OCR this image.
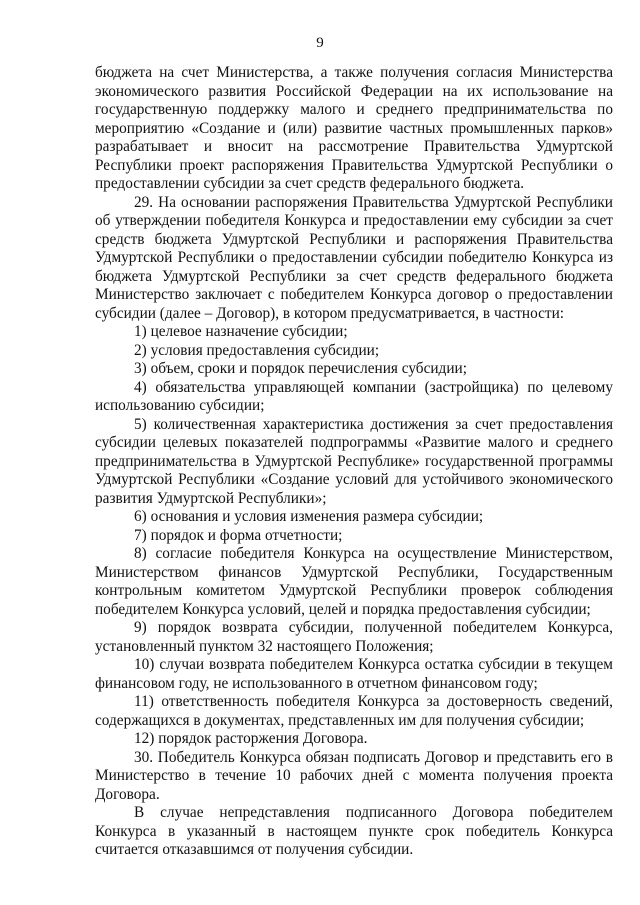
9

бюджета на счет Министерства, а также получения согласия Министерства экономического развития Российской Федерации на их использование на государственную поддержку малого и среднего предпринимательства по мероприятию «Создание и (или) развитие частных промышленных парков» разрабатывает и вносит на рассмотрение Правительства Удмуртской Республики проект распоряжения Правительства Удмуртской Республики о предоставлении субсидии за счет средств федерального бюджета.

29. На основании распоряжения Правительства Удмуртской Республики об утверждении победителя Конкурса и предоставлении ему субсидии за счет средств бюджета Удмуртской Республики и распоряжения Правительства Удмуртской Республики о предоставлении субсидии победителю Конкурса из бюджета Удмуртской Республики за счет средств федерального бюджета Министерство заключает с победителем Конкурса договор о предоставлении субсидии (далее – Договор), в котором предусматривается, в частности:

1) целевое назначение субсидии;

2) условия предоставления субсидии;

3) объем, сроки и порядок перечисления субсидии;

4) обязательства управляющей компании (застройщика) по целевому использованию субсидии;

5) количественная характеристика достижения за счет предоставления субсидии целевых показателей подпрограммы «Развитие малого и среднего предпринимательства в Удмуртской Республике» государственной программы Удмуртской Республики «Создание условий для устойчивого экономического развития Удмуртской Республики»;

6) основания и условия изменения размера субсидии;

7) порядок и форма отчетности;

8) согласие победителя Конкурса на осуществление Министерством, Министерством финансов Удмуртской Республики, Государственным контрольным комитетом Удмуртской Республики проверок соблюдения победителем Конкурса условий, целей и порядка предоставления субсидии;

9) порядок возврата субсидии, полученной победителем Конкурса, установленный пунктом 32 настоящего Положения;

10) случаи возврата победителем Конкурса остатка субсидии в текущем финансовом году, не использованного в отчетном финансовом году;

11) ответственность победителя Конкурса за достоверность сведений, содержащихся в документах, представленных им для получения субсидии;

12) порядок расторжения Договора.

30. Победитель Конкурса обязан подписать Договор и представить его в Министерство в течение 10 рабочих дней с момента получения проекта Договора.

В случае непредставления подписанного Договора победителем Конкурса в указанный в настоящем пункте срок победитель Конкурса считается отказавшимся от получения субсидии.
